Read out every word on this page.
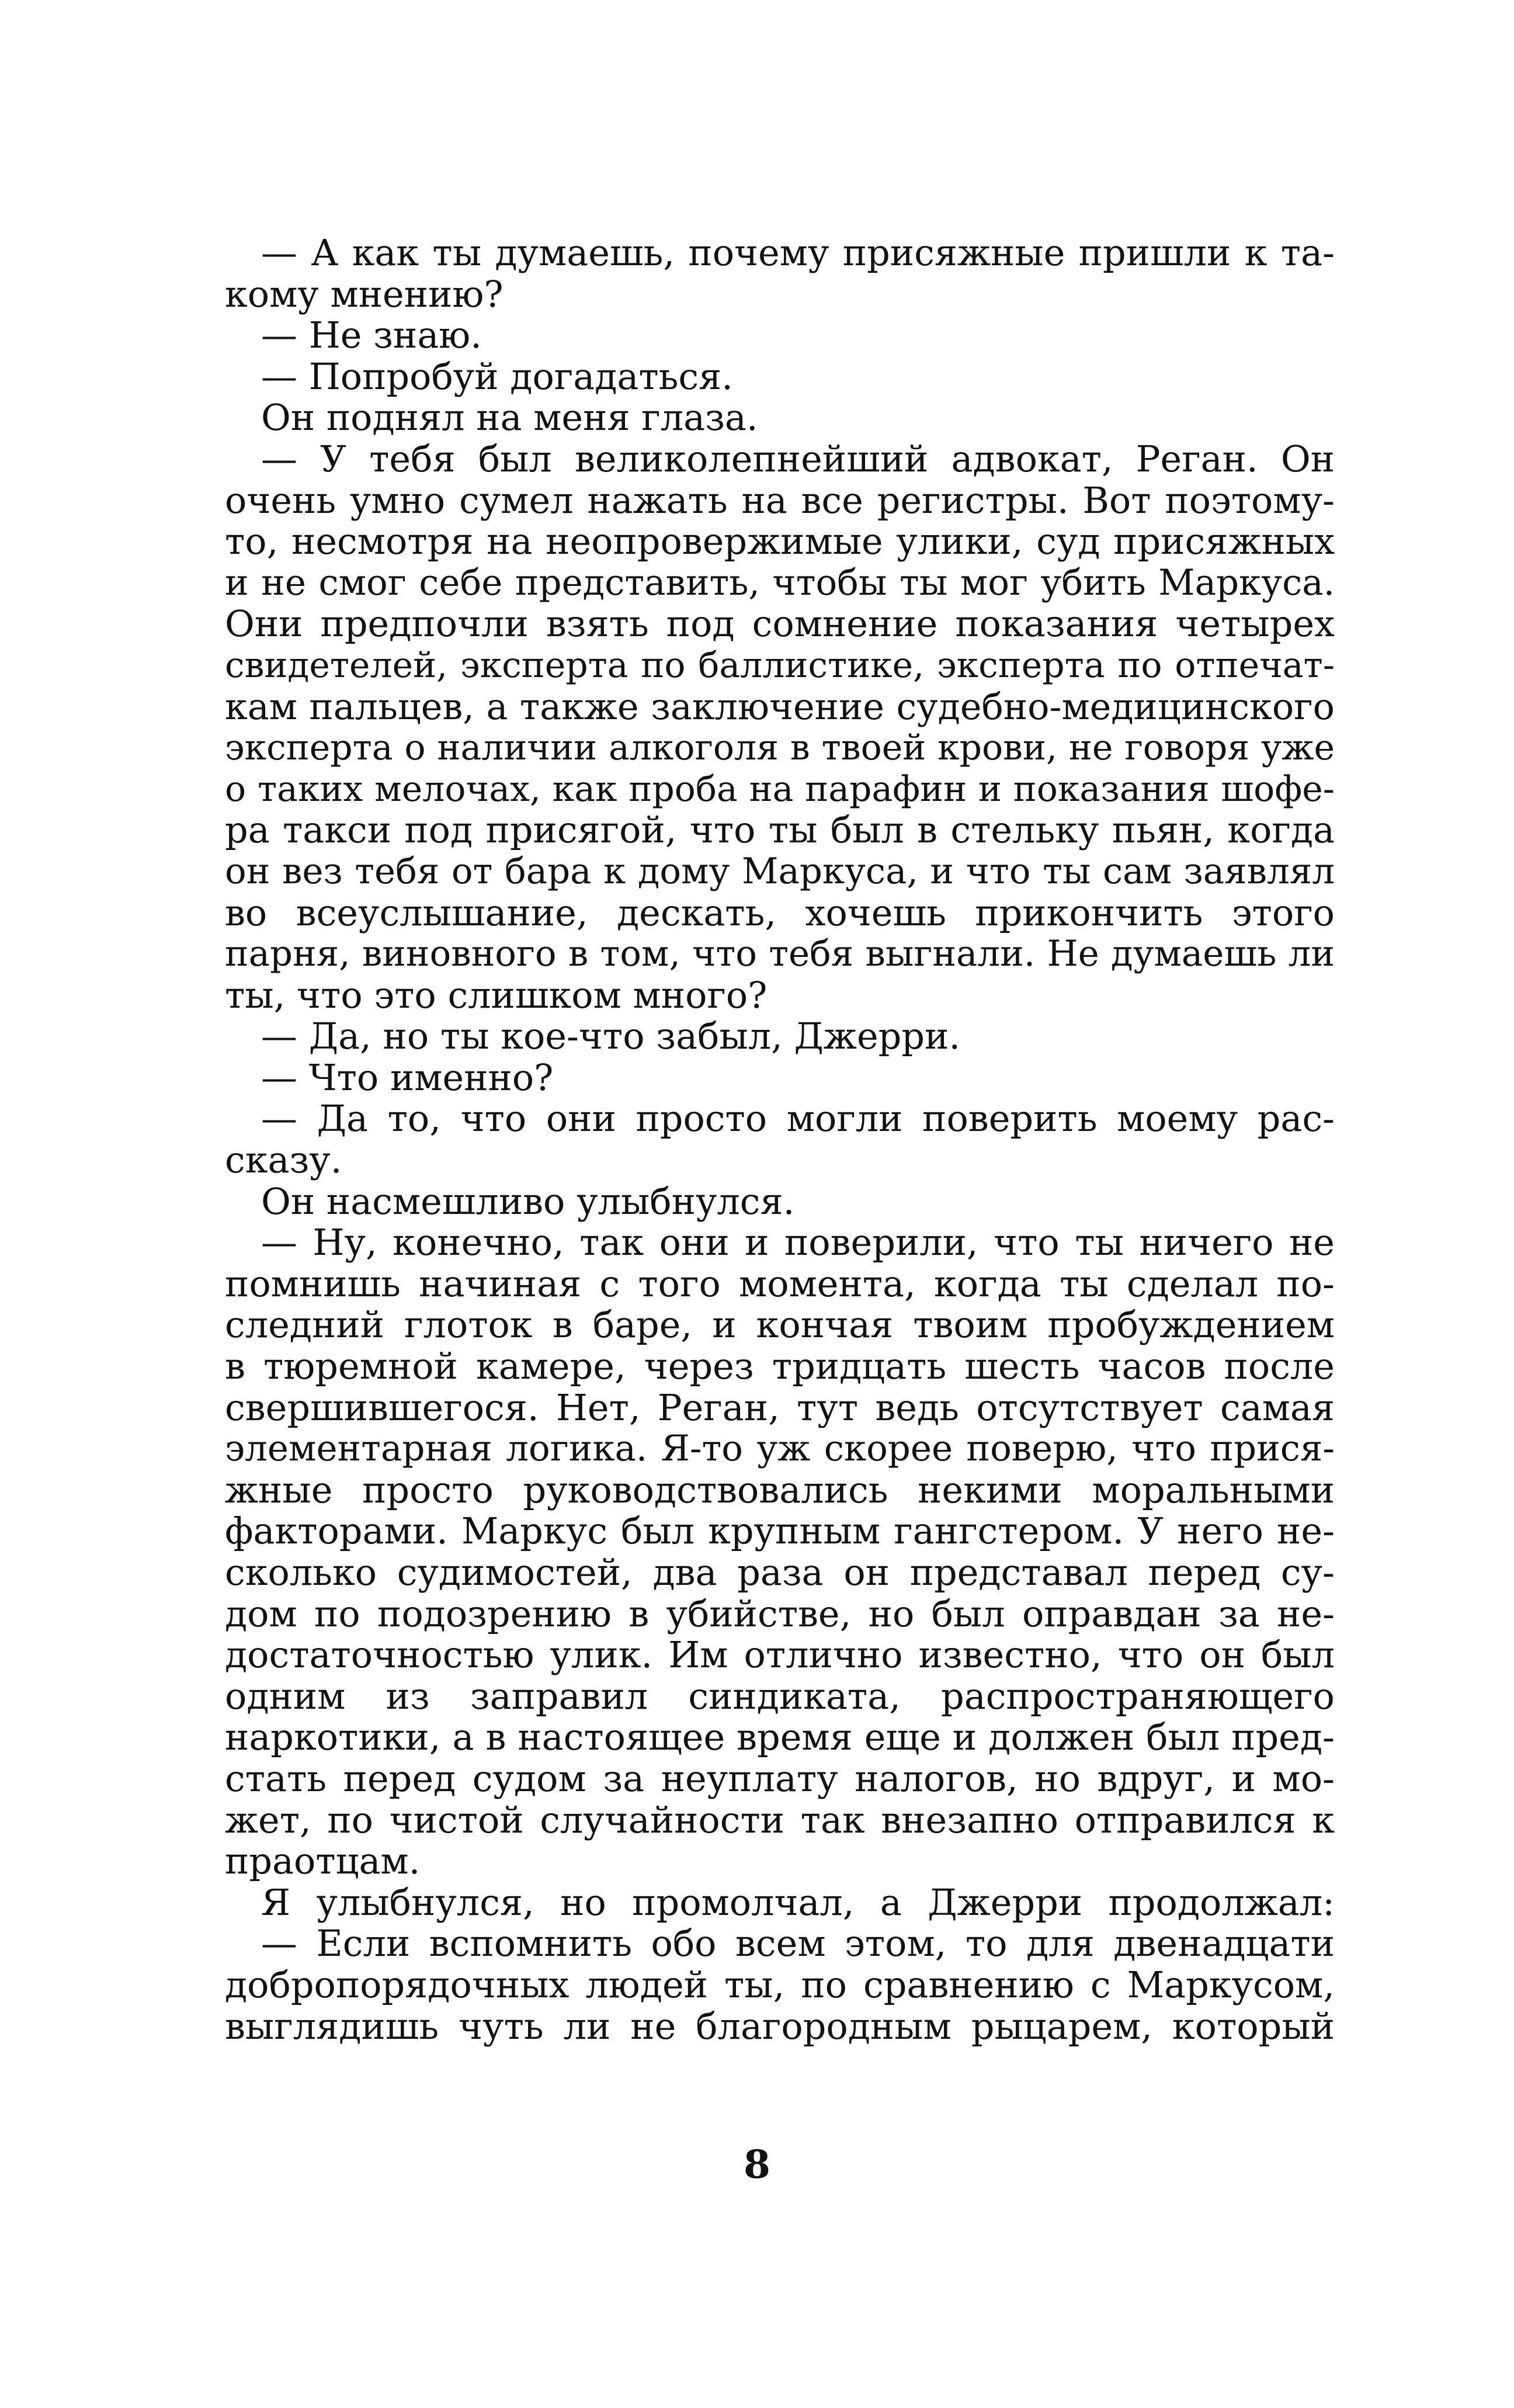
— А как ты думаешь, почему присяжные пришли к та-
кому мнению?
— Не знаю.
— Попробуй догадаться.
Он поднял на меня глаза.
— У тебя был великолепнейший адвокат, Реган. Он
очень умно сумел нажать на все регистры. Вот поэтому-
то, несмотря на неопровержимые улики, суд присяжных
и не смог себе представить, чтобы ты мог убить Маркуса.
Они предпочли взять под сомнение показания четырех
свидетелей, эксперта по баллистике, эксперта по отпечат-
кам пальцев, а также заключение судебно-медицинского
эксперта о наличии алкоголя в твоей крови, не говоря уже
о таких мелочах, как проба на парафин и показания шофе-
ра такси под присягой, что ты был в стельку пьян, когда
он вез тебя от бара к дому Маркуса, и что ты сам заявлял
во всеуслышание, дескать, хочешь прикончить этого
парня, виновного в том, что тебя выгнали. Не думаешь ли
ты, что это слишком много?
— Да, но ты кое-что забыл, Джерри.
— Что именно?
— Да то, что они просто могли поверить моему рас-
сказу.
Он насмешливо улыбнулся.
— Ну, конечно, так они и поверили, что ты ничего не
помнишь начиная с того момента, когда ты сделал по-
следний глоток в баре, и кончая твоим пробуждением
в тюремной камере, через тридцать шесть часов после
свершившегося. Нет, Реган, тут ведь отсутствует самая
элементарная логика. Я-то уж скорее поверю, что прися-
жные просто руководствовались некими моральными
факторами. Маркус был крупным гангстером. У него не-
сколько судимостей, два раза он представал перед су-
дом по подозрению в убийстве, но был оправдан за не-
достаточностью улик. Им отлично известно, что он был
одним из заправил синдиката, распространяющего
наркотики, а в настоящее время еще и должен был пред-
стать перед судом за неуплату налогов, но вдруг, и мо-
жет, по чистой случайности так внезапно отправился к
праотцам.
Я улыбнулся, но промолчал, а Джерри продолжал:
— Если вспомнить обо всем этом, то для двенадцати
добропорядочных людей ты, по сравнению с Маркусом,
выглядишь чуть ли не благородным рыцарем, который
8
